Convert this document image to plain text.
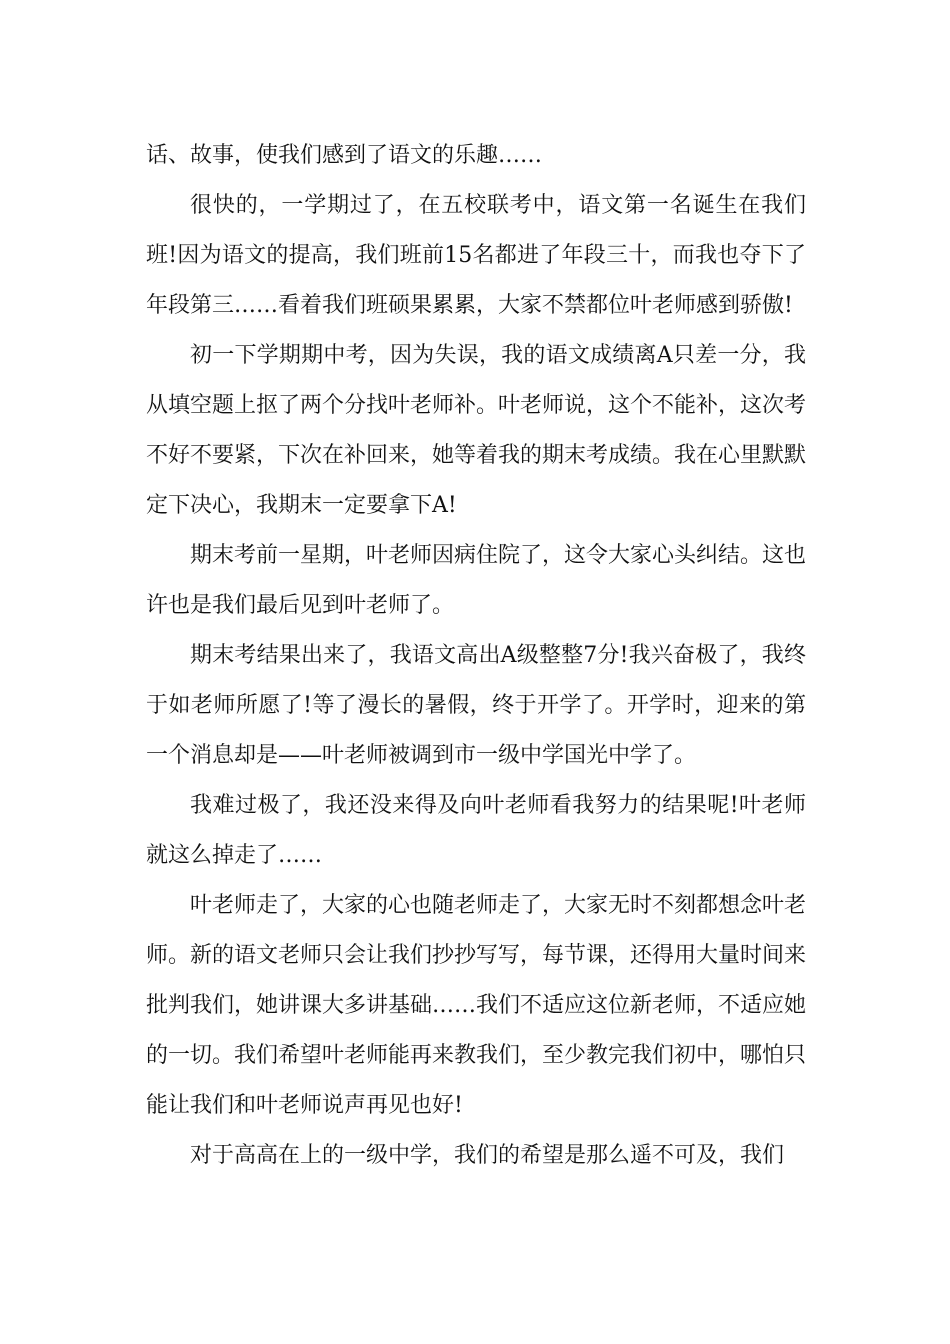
话、故事，使我们感到了语文的乐趣……

很快的，一学期过了，在五校联考中，语文第一名诞生在我们班!因为语文的提高，我们班前15名都进了年段三十，而我也夺下了年段第三……看着我们班硕果累累，大家不禁都位叶老师感到骄傲!

初一下学期期中考，因为失误，我的语文成绩离A只差一分，我从填空题上抠了两个分找叶老师补。叶老师说，这个不能补，这次考不好不要紧，下次在补回来，她等着我的期末考成绩。我在心里默默定下决心，我期末一定要拿下A!

期末考前一星期，叶老师因病住院了，这令大家心头纠结。这也许也是我们最后见到叶老师了。

期末考结果出来了，我语文高出A级整整7分!我兴奋极了，我终于如老师所愿了!等了漫长的暑假，终于开学了。开学时，迎来的第一个消息却是——叶老师被调到市一级中学国光中学了。

我难过极了，我还没来得及向叶老师看我努力的结果呢!叶老师就这么掉走了……

叶老师走了，大家的心也随老师走了，大家无时不刻都想念叶老师。新的语文老师只会让我们抄抄写写，每节课，还得用大量时间来批判我们，她讲课大多讲基础……我们不适应这位新老师，不适应她的一切。我们希望叶老师能再来教我们，至少教完我们初中，哪怕只能让我们和叶老师说声再见也好!

对于高高在上的一级中学，我们的希望是那么遥不可及，我们
